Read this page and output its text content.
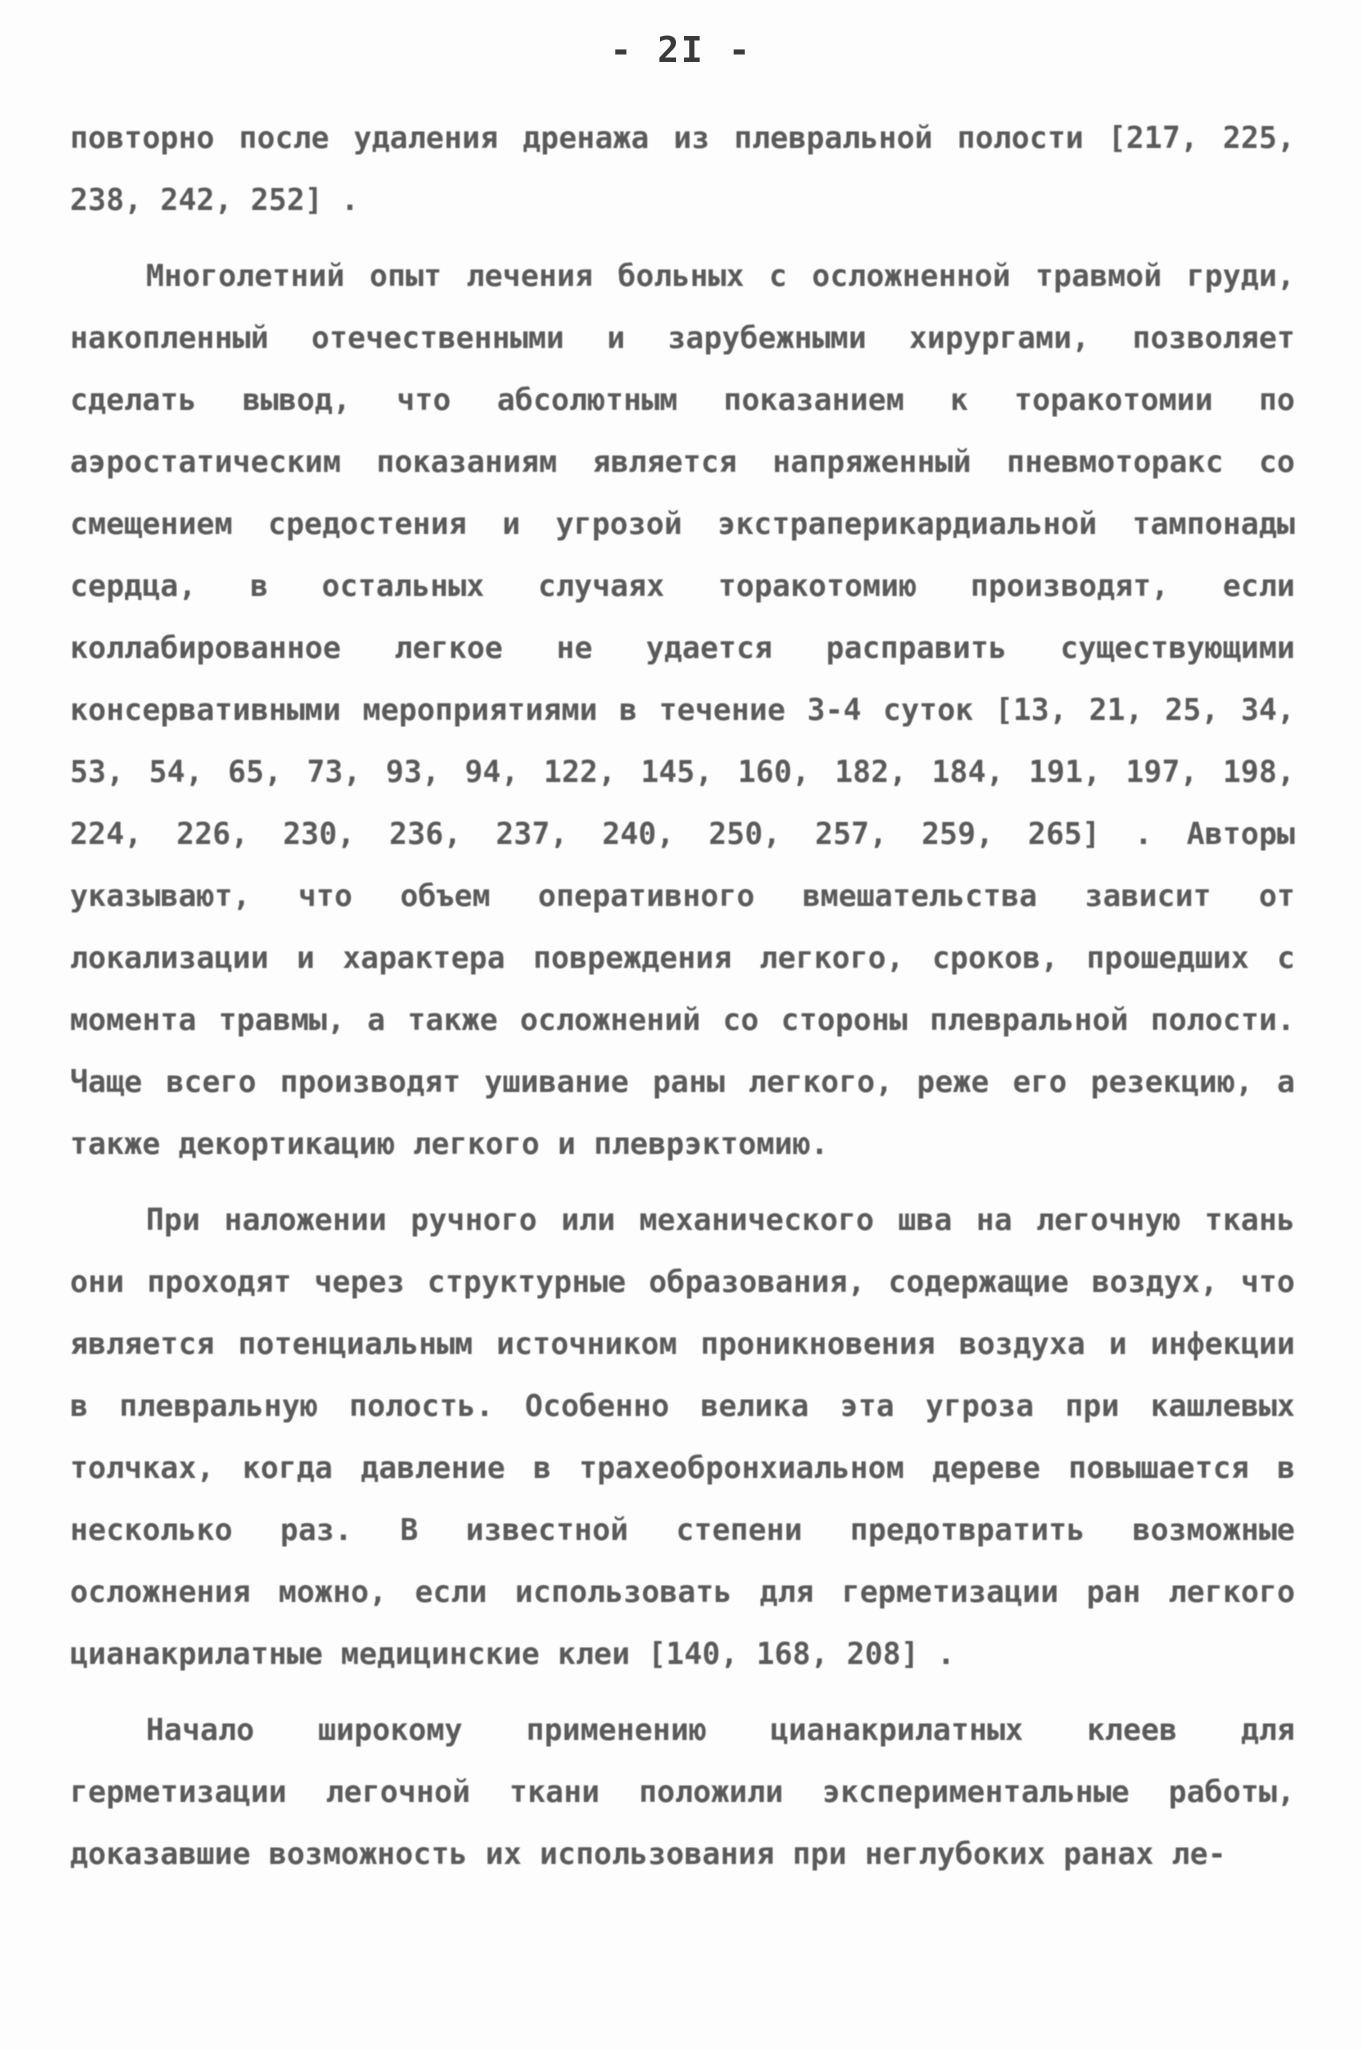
- 2I -

повторно после удаления дренажа из плевральной полости [217, 225, 238, 242, 252] .

Многолетний опыт лечения больных с осложненной травмой груди, накопленный отечественными и зарубежными хирургами, позволяет сделать вывод, что абсолютным показанием к торакотомии по аэростатическим показаниям является напряженный пневмоторакс со смещением средостения и угрозой экстраперикардиальной тампонады сердца, в остальных случаях торакотомию производят, если коллабированное легкое не удается расправить существующими консервативными мероприятиями в течение 3-4 суток [13, 21, 25, 34, 53, 54, 65, 73, 93, 94, 122, 145, 160, 182, 184, 191, 197, 198, 224, 226, 230, 236, 237, 240, 250, 257, 259, 265] . Авторы указывают, что объем оперативного вмешательства зависит от локализации и характера повреждения легкого, сроков, прошедших с момента травмы, а также осложнений со стороны плевральной полости. Чаще всего производят ушивание раны легкого, реже его резекцию, а также декортикацию легкого и плеврэктомию.

При наложении ручного или механического шва на легочную ткань они проходят через структурные образования, содержащие воздух, что является потенциальным источником проникновения воздуха и инфекции в плевральную полость. Особенно велика эта угроза при кашлевых толчках, когда давление в трахеобронхиальном дереве повышается в несколько раз. В известной степени предотвратить возможные осложнения можно, если использовать для герметизации ран легкого цианакрилатные медицинские клеи [140, 168, 208] .

Начало широкому применению цианакрилатных клеев для герметизации легочной ткани положили экспериментальные работы, доказавшие возможность их использования при неглубоких ранах ле-
